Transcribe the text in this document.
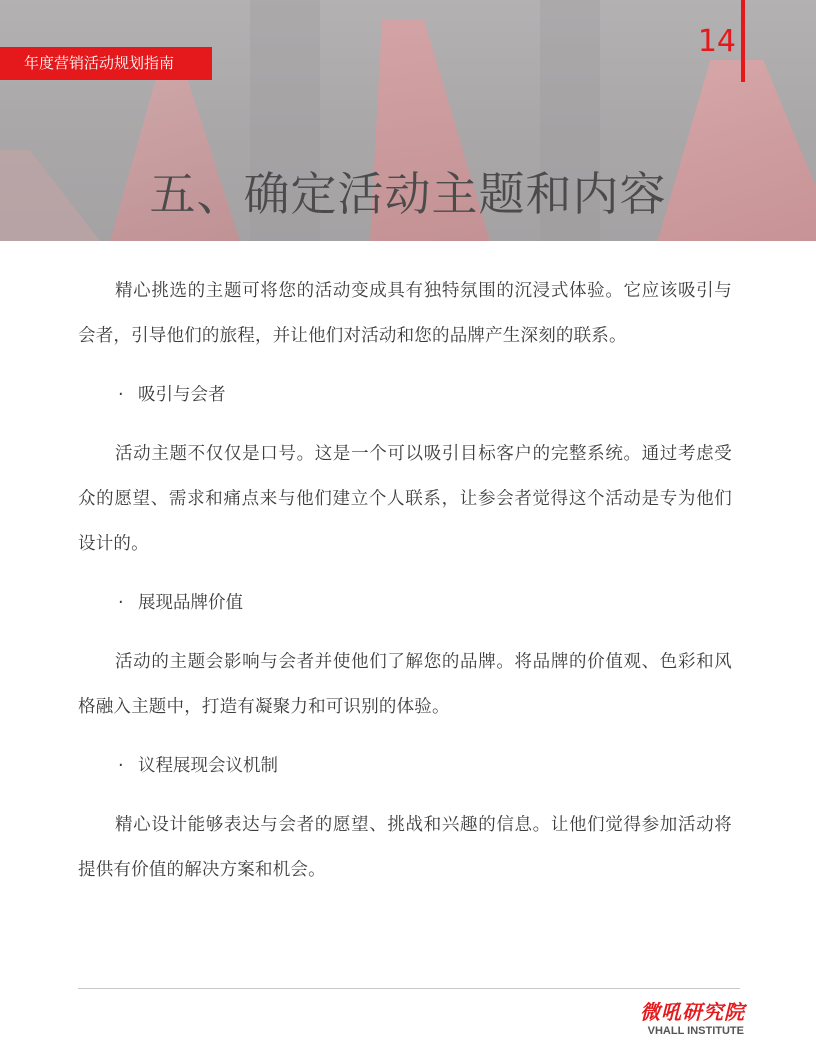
五、确定活动主题和内容
年度营销活动规划指南
14

精心挑选的主题可将您的活动变成具有独特氛围的沉浸式体验。它应该吸引与会者，引导他们的旅程，并让他们对活动和您的品牌产生深刻的联系。

· 吸引与会者

活动主题不仅仅是口号。这是一个可以吸引目标客户的完整系统。通过考虑受众的愿望、需求和痛点来与他们建立个人联系，让参会者觉得这个活动是专为他们设计的。

· 展现品牌价值

活动的主题会影响与会者并使他们了解您的品牌。将品牌的价值观、色彩和风格融入主题中，打造有凝聚力和可识别的体验。

· 议程展现会议机制

精心设计能够表达与会者的愿望、挑战和兴趣的信息。让他们觉得参加活动将提供有价值的解决方案和机会。

微吼研究院
VHALL INSTITUTE
